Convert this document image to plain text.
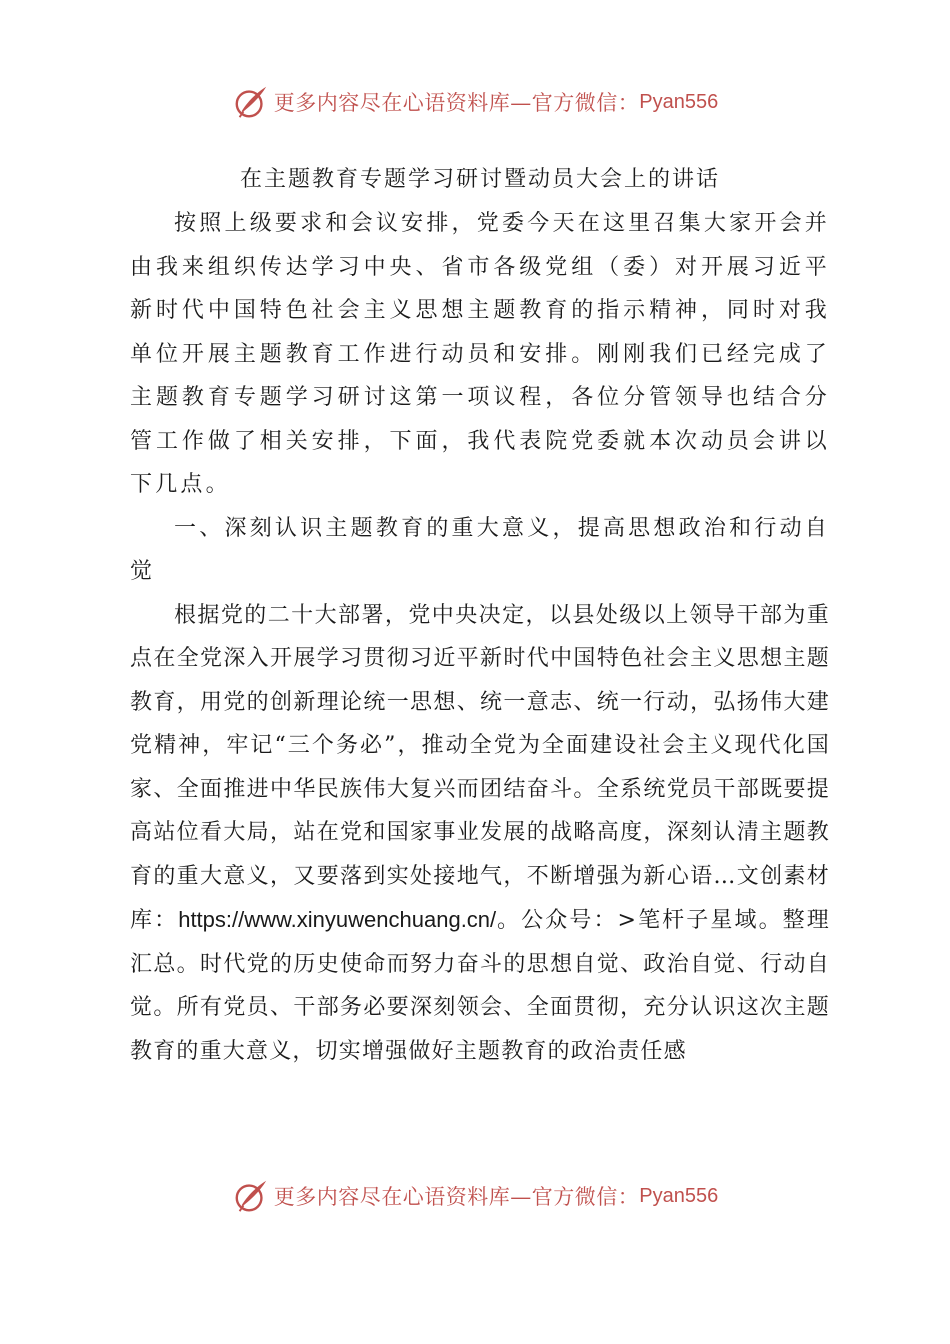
更多内容尽在心语资料库—官方微信： Pyan556
在主题教育专题学习研讨暨动员大会上的讲话

按照上级要求和会议安排，党委今天在这里召集大家开会并由我来组织传达学习中央、省市各级党组（委）对开展习近平新时代中国特色社会主义思想主题教育的指示精神，同时对我单位开展主题教育工作进行动员和安排。刚刚我们已经完成了主题教育专题学习研讨这第一项议程，各位分管领导也结合分管工作做了相关安排，下面，我代表院党委就本次动员会讲以下几点。

一、深刻认识主题教育的重大意义，提高思想政治和行动自觉

根据党的二十大部署，党中央决定，以县处级以上领导干部为重点在全党深入开展学习贯彻习近平新时代中国特色社会主义思想主题教育，用党的创新理论统一思想、统一意志、统一行动，弘扬伟大建党精神，牢记“三个务必”，推动全党为全面建设社会主义现代化国家、全面推进中华民族伟大复兴而团结奋斗。全系统党员干部既要提高站位看大局，站在党和国家事业发展的战略高度，深刻认清主题教育的重大意义，又要落到实处接地气，不断增强为新心语…文创素材库：https://www.xinyuwenchuang.cn/。公众号：>笔杆子星域。整理汇总。时代党的历史使命而努力奋斗的思想自觉、政治自觉、行动自觉。所有党员、干部务必要深刻领会、全面贯彻，充分认识这次主题教育的重大意义，切实增强做好主题教育的政治责任感

更多内容尽在心语资料库—官方微信： Pyan556
